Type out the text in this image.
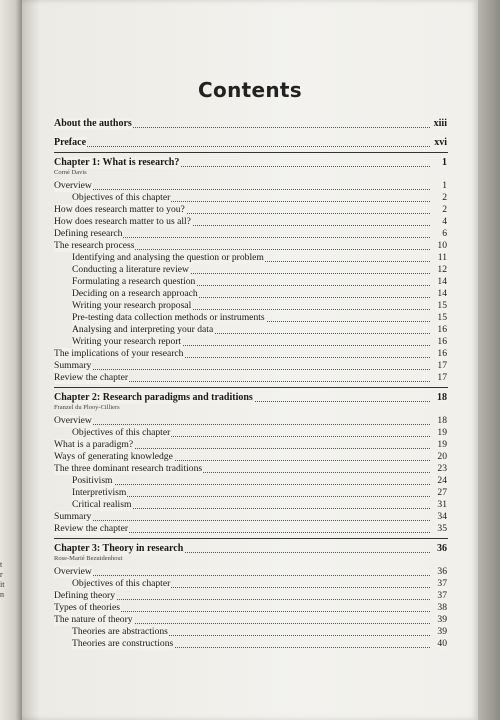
t
r
it
n
Contents
About the authors	xiii
Preface	xvi
Chapter 1: What is research?	1
Corné Davis
Overview	1
Objectives of this chapter	2
How does research matter to you?	2
How does research matter to us all?	4
Defining research	6
The research process	10
Identifying and analysing the question or problem	11
Conducting a literature review	12
Formulating a research question	14
Deciding on a research approach	14
Writing your research proposal	15
Pre-testing data collection methods or instruments	15
Analysing and interpreting your data	16
Writing your research report	16
The implications of your research	16
Summary	17
Review the chapter	17
Chapter 2: Research paradigms and traditions	18
Franzel du Plooy-Cilliers
Overview	18
Objectives of this chapter	19
What is a paradigm?	19
Ways of generating knowledge	20
The three dominant research traditions	23
Positivism	24
Interpretivism	27
Critical realism	31
Summary	34
Review the chapter	35
Chapter 3: Theory in research	36
Rose-Marié Bezuidenhout
Overview	36
Objectives of this chapter	37
Defining theory	37
Types of theories	38
The nature of theory	39
Theories are abstractions	39
Theories are constructions	40
